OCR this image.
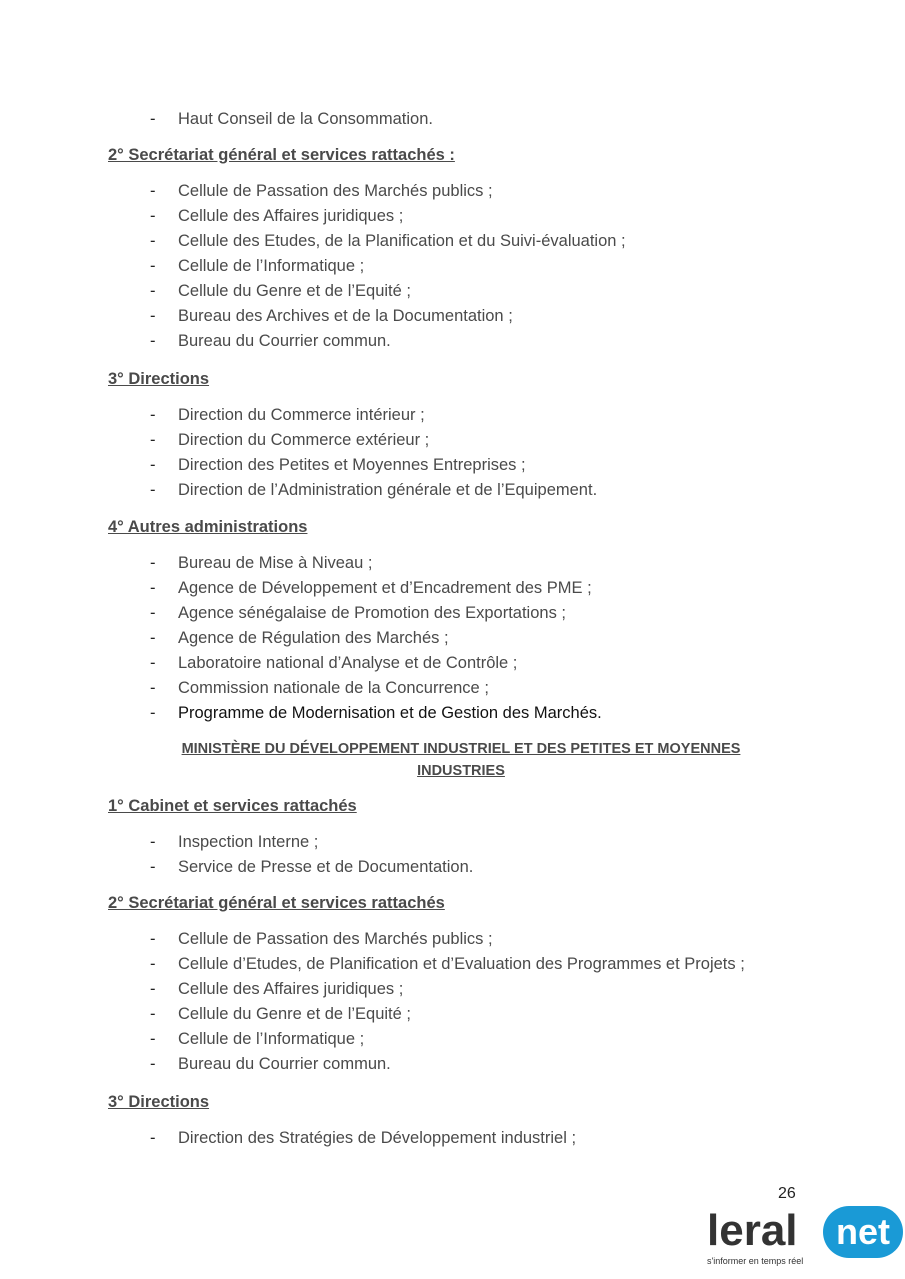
- Haut Conseil de la Consommation.
2° Secrétariat général et services rattachés :
- Cellule de Passation des Marchés publics ;
- Cellule des Affaires juridiques ;
- Cellule des Etudes, de la Planification et du Suivi-évaluation ;
- Cellule de l’Informatique ;
- Cellule du Genre et de l’Equité ;
- Bureau des Archives et de la Documentation ;
- Bureau du Courrier commun.
3° Directions
- Direction du Commerce intérieur ;
- Direction du Commerce extérieur ;
- Direction des Petites et Moyennes Entreprises ;
- Direction de l’Administration générale et de l’Equipement.
4° Autres administrations
- Bureau de Mise à Niveau ;
- Agence de Développement et d’Encadrement des PME ;
- Agence sénégalaise de Promotion des Exportations ;
- Agence de Régulation des Marchés ;
- Laboratoire national d’Analyse et de Contrôle ;
- Commission nationale de la Concurrence ;
- Programme de Modernisation et de Gestion des Marchés.
MINISTÈRE DU DÉVELOPPEMENT INDUSTRIEL ET DES PETITES ET MOYENNES
INDUSTRIES
1° Cabinet et services rattachés
- Inspection Interne ;
- Service de Presse et de Documentation.
2° Secrétariat général et services rattachés
- Cellule de Passation des Marchés publics ;
- Cellule d’Etudes, de Planification et d’Evaluation des Programmes et Projets ;
- Cellule des Affaires juridiques ;
- Cellule du Genre et de l’Equité ;
- Cellule de l’Informatique ;
- Bureau du Courrier commun.
3° Directions
- Direction des Stratégies de Développement industriel ;
26
leral net
s'informer en temps réel
